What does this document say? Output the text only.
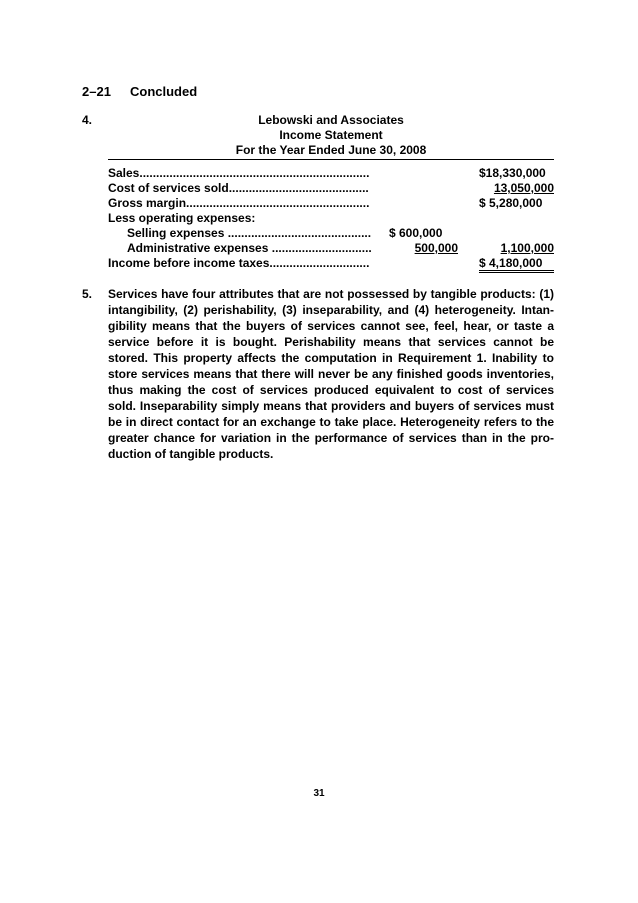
2–21 Concluded
4.	Lebowski and Associates
Income Statement
For the Year Ended June 30, 2008
Sales.....................................................................	$18,330,000
Cost of services sold..........................................	13,050,000
Gross margin.......................................................	$ 5,280,000
Less operating expenses:
Selling expenses ...........................................	$ 600,000
Administrative expenses ..............................	500,000	1,100,000
Income before income taxes..............................	$ 4,180,000
5. Services have four attributes that are not possessed by tangible products: (1) intangibility, (2) perishability, (3) inseparability, and (4) heterogeneity. Intan-gibility means that the buyers of services cannot see, feel, hear, or taste a service before it is bought. Perishability means that services cannot be stored. This property affects the computation in Requirement 1. Inability to store services means that there will never be any finished goods inventories, thus making the cost of services produced equivalent to cost of services sold. Inseparability simply means that providers and buyers of services must be in direct contact for an exchange to take place. Heterogeneity refers to the greater chance for variation in the performance of services than in the pro-duction of tangible products.
31
